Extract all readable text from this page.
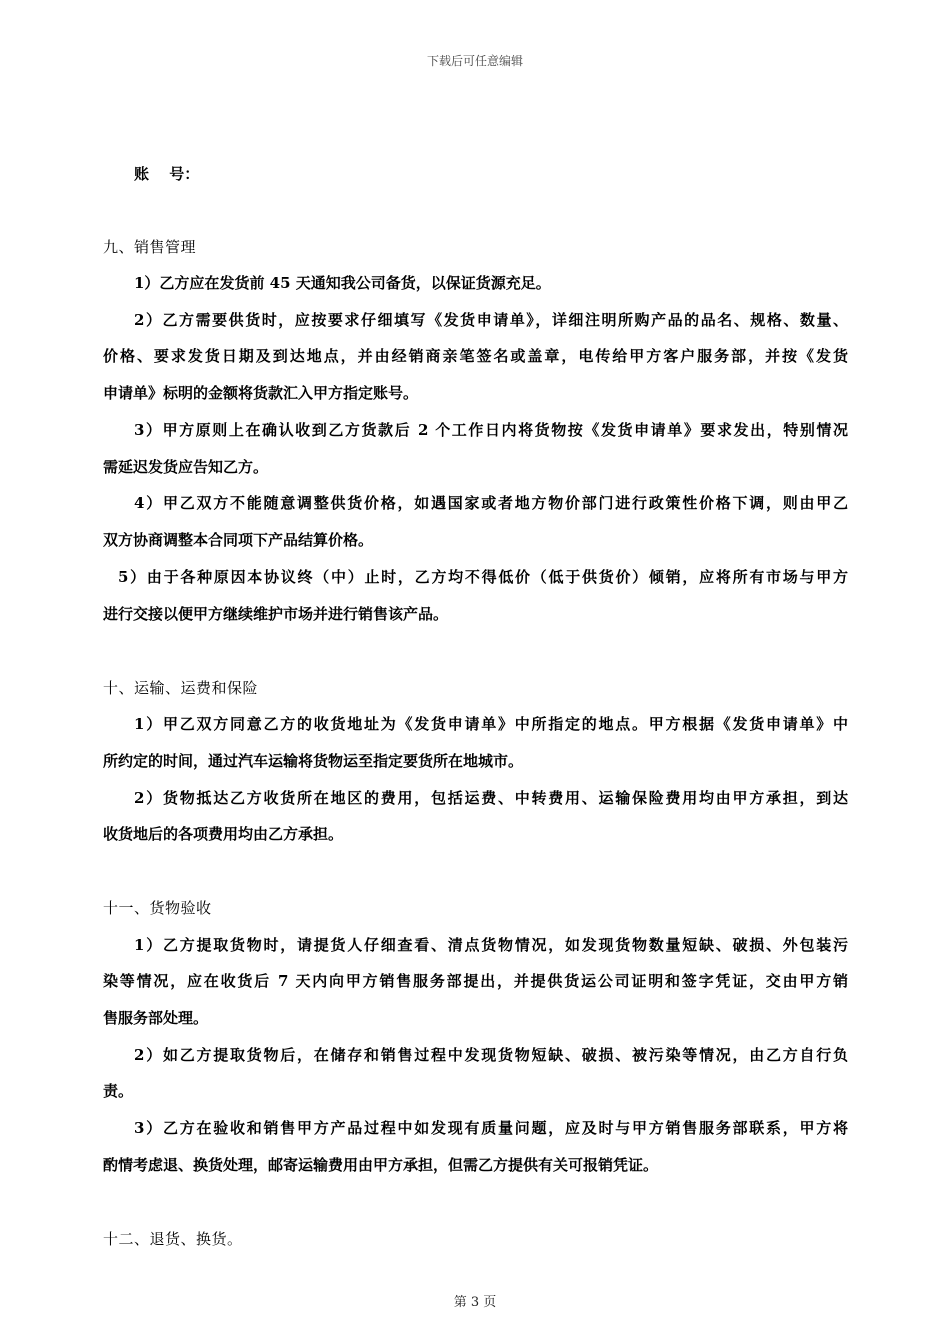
下载后可任意编辑
账　 号：
九、销售管理
1）乙方应在发货前 45 天通知我公司备货，以保证货源充足。
2）乙方需要供货时，应按要求仔细填写《发货申请单》，详细注明所购产品的品名、规格、数量、
价格、要求发货日期及到达地点，并由经销商亲笔签名或盖章，电传给甲方客户服务部，并按《发货
申请单》标明的金额将货款汇入甲方指定账号。
3）甲方原则上在确认收到乙方货款后 2 个工作日内将货物按《发货申请单》要求发出，特别情况
需延迟发货应告知乙方。
4）甲乙双方不能随意调整供货价格，如遇国家或者地方物价部门进行政策性价格下调，则由甲乙
双方协商调整本合同项下产品结算价格。
5）由于各种原因本协议终（中）止时，乙方均不得低价（低于供货价）倾销，应将所有市场与甲方
进行交接以便甲方继续维护市场并进行销售该产品。
十、运输、运费和保险
1）甲乙双方同意乙方的收货地址为《发货申请单》中所指定的地点。甲方根据《发货申请单》中
所约定的时间，通过汽车运输将货物运至指定要货所在地城市。
2）货物抵达乙方收货所在地区的费用，包括运费、中转费用、运输保险费用均由甲方承担，到达
收货地后的各项费用均由乙方承担。
十一、货物验收
1）乙方提取货物时，请提货人仔细查看、清点货物情况，如发现货物数量短缺、破损、外包装污
染等情况，应在收货后 7 天内向甲方销售服务部提出，并提供货运公司证明和签字凭证，交由甲方销
售服务部处理。
2）如乙方提取货物后，在储存和销售过程中发现货物短缺、破损、被污染等情况，由乙方自行负
责。
3）乙方在验收和销售甲方产品过程中如发现有质量问题，应及时与甲方销售服务部联系，甲方将
酌情考虑退、换货处理，邮寄运输费用由甲方承担，但需乙方提供有关可报销凭证。
十二、退货、换货。
第 3 页
